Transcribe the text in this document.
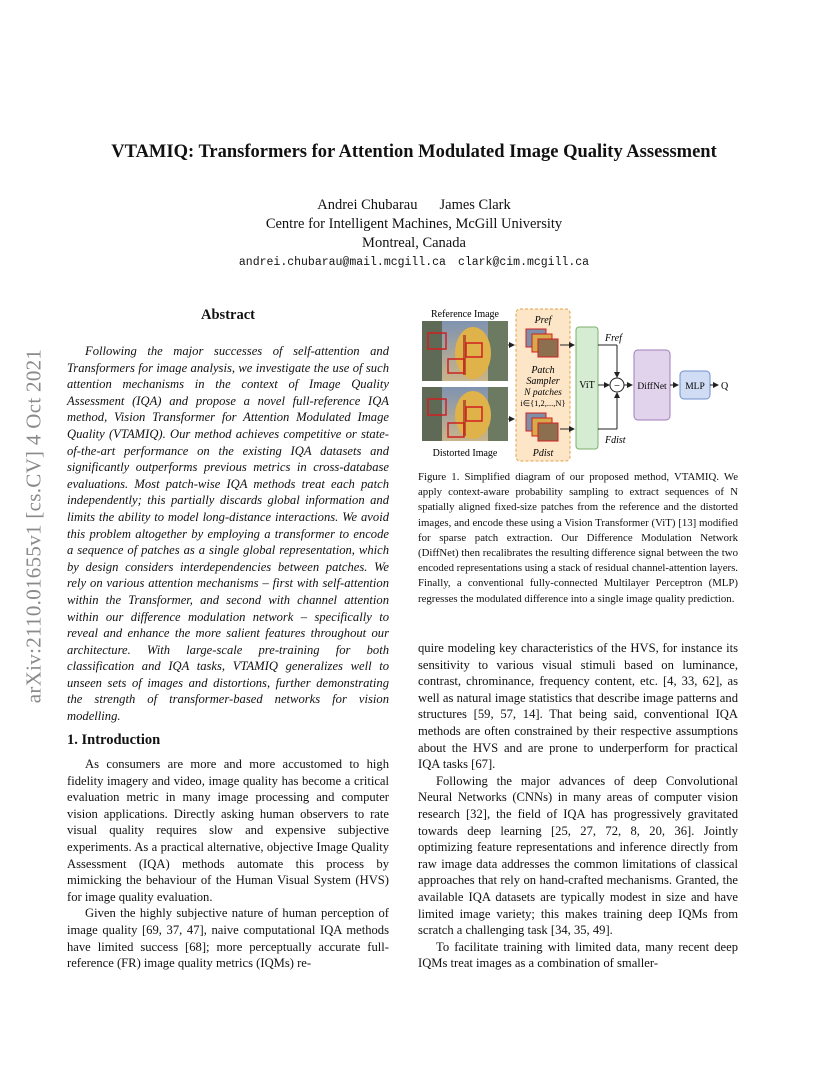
arXiv:2110.01655v1 [cs.CV] 4 Oct 2021
VTAMIQ: Transformers for Attention Modulated Image Quality Assessment
Andrei Chubarau James Clark
Centre for Intelligent Machines, McGill University
Montreal, Canada
andrei.chubarau@mail.mcgill.ca clark@cim.mcgill.ca
Abstract

Following the major successes of self-attention and Transformers for image analysis, we investigate the use of such attention mechanisms in the context of Image Quality Assessment (IQA) and propose a novel full-reference IQA method, Vision Transformer for Attention Modulated Image Quality (VTAMIQ). Our method achieves competitive or state-of-the-art performance on the existing IQA datasets and significantly outperforms previous metrics in cross-database evaluations. Most patch-wise IQA methods treat each patch independently; this partially discards global information and limits the ability to model long-distance interactions. We avoid this problem altogether by employing a transformer to encode a sequence of patches as a single global representation, which by design considers interdependencies between patches. We rely on various attention mechanisms – first with self-attention within the Transformer, and second with channel attention within our difference modulation network – specifically to reveal and enhance the more salient features throughout our architecture. With large-scale pre-training for both classification and IQA tasks, VTAMIQ generalizes well to unseen sets of images and distortions, further demonstrating the strength of transformer-based networks for vision modelling.

1. Introduction

As consumers are more and more accustomed to high fidelity imagery and video, image quality has become a critical evaluation metric in many image processing and computer vision applications. Directly asking human observers to rate visual quality requires slow and expensive subjective experiments. As a practical alternative, objective Image Quality Assessment (IQA) methods automate this process by mimicking the behaviour of the Human Visual System (HVS) for image quality evaluation.

Given the highly subjective nature of human perception of image quality [69, 37, 47], naive computational IQA methods have limited success [68]; more perceptually accurate full-reference (FR) image quality metrics (IQMs) re-

Reference Image
Distorted Image
Pref
Patch
Sampler
N patches
i∈{1,2,...,N}
Pdist
ViT
Fref
Fdist
− DiffNet MLP Q
Figure 1. Simplified diagram of our proposed method, VTAMIQ. We apply context-aware probability sampling to extract sequences of N spatially aligned fixed-size patches from the reference and the distorted images, and encode these using a Vision Transformer (ViT) [13] modified for sparse patch extraction. Our Difference Modulation Network (DiffNet) then recalibrates the resulting difference signal between the two encoded representations using a stack of residual channel-attention layers. Finally, a conventional fully-connected Multilayer Perceptron (MLP) regresses the modulated difference into a single image quality prediction.

quire modeling key characteristics of the HVS, for instance its sensitivity to various visual stimuli based on luminance, contrast, chrominance, frequency content, etc. [4, 33, 62], as well as natural image statistics that describe image patterns and structures [59, 57, 14]. That being said, conventional IQA methods are often constrained by their respective assumptions about the HVS and are prone to underperform for practical IQA tasks [67].

Following the major advances of deep Convolutional Neural Networks (CNNs) in many areas of computer vision research [32], the field of IQA has progressively gravitated towards deep learning [25, 27, 72, 8, 20, 36]. Jointly optimizing feature representations and inference directly from raw image data addresses the common limitations of classical approaches that rely on hand-crafted mechanisms. Granted, the available IQA datasets are typically modest in size and have limited image variety; this makes training deep IQMs from scratch a challenging task [34, 35, 49].

To facilitate training with limited data, many recent deep IQMs treat images as a combination of smaller-
